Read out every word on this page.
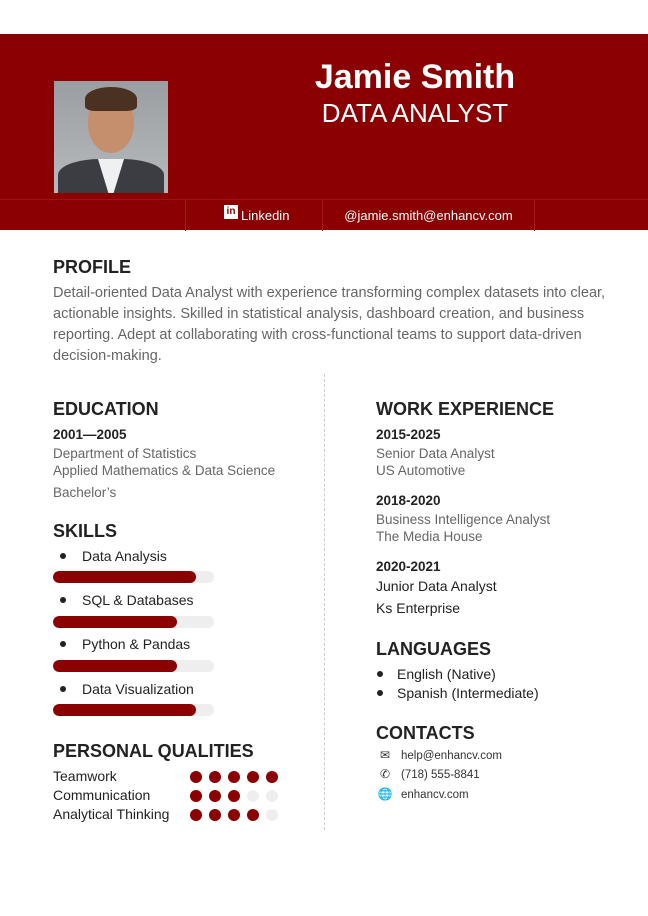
Jamie Smith
DATA ANALYST
in Linkedin	@jamie.smith@enhancv.com
PROFILE
Detail-oriented Data Analyst with experience transforming complex datasets into clear, actionable insights. Skilled in statistical analysis, dashboard creation, and business reporting. Adept at collaborating with cross-functional teams to support data-driven decision-making.
EDUCATION
2001—2005
Department of Statistics
Applied Mathematics & Data Science
Bachelor’s
SKILLS
Data Analysis
SQL & Databases
Python & Pandas
Data Visualization
PERSONAL QUALITIES
Teamwork
Communication
Analytical Thinking
WORK EXPERIENCE
2015-2025
Senior Data Analyst
US Automotive
2018-2020
Business Intelligence Analyst
The Media House
2020-2021
Junior Data Analyst
Ks Enterprise
LANGUAGES
English (Native)
Spanish (Intermediate)
CONTACTS
✉ help@enhancv.com
✆ (718) 555-8841
🌐 enhancv.com
